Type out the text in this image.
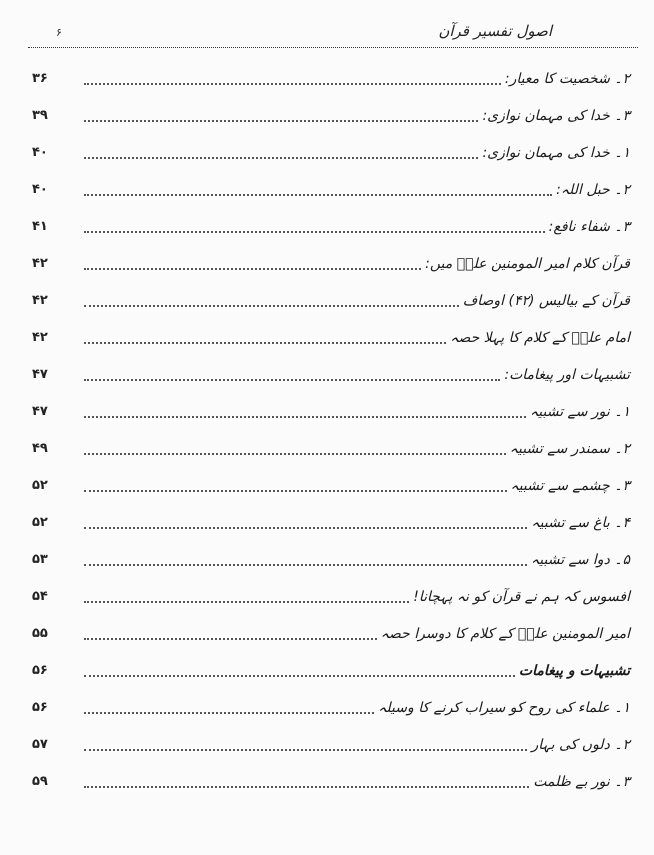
اصول تفسیر قرآن
۶
۲۔ شخصیت کا معیار:
۳۶
۳۔ خدا کی مہمان نوازی:
۳۹
۱۔ خدا کی مہمان نوازی:
۴۰
۲۔ حبل اللہ:
۴۰
۳۔ شفاء نافع:
۴۱
قرآن کلام امیر المومنین علیؑ میں:
۴۲
قرآن کے بیالیس (۴۲) اوصاف
۴۲
امام علیؑ کے کلام کا پہلا حصہ
۴۲
تشبیہات اور پیغامات:
۴۷
۱۔ نور سے تشبیہ
۴۷
۲۔ سمندر سے تشبیہ
۴۹
۳۔ چشمے سے تشبیہ
۵۲
۴۔ باغ سے تشبیہ
۵۲
۵۔ دوا سے تشبیہ
۵۳
افسوس کہ ہم نے قرآن کو نہ پہچانا!
۵۴
امیر المومنین علیؑ کے کلام کا دوسرا حصہ
۵۵
تشبیہات و پیغامات
۵۶
۱۔ علماء کی روح کو سیراب کرنے کا وسیلہ
۵۶
۲۔ دلوں کی بہار
۵۷
۳۔ نور بے ظلمت
۵۹
